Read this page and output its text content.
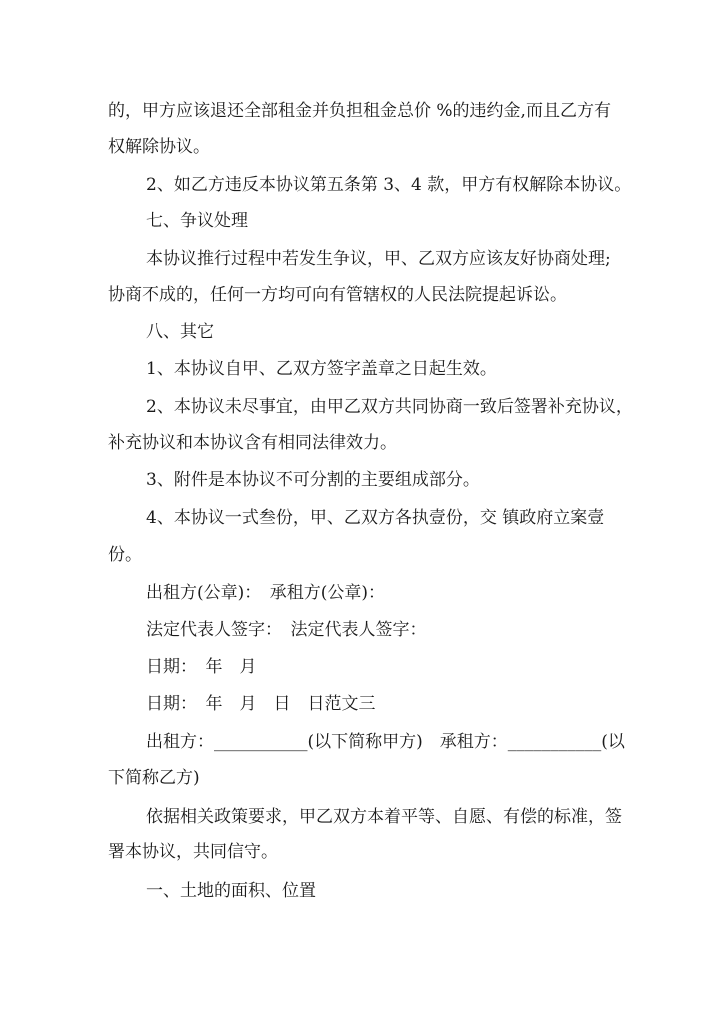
的，甲方应该退还全部租金并负担租金总价 %的违约金,而且乙方有
权解除协议。
2、如乙方违反本协议第五条第 3、4 款，甲方有权解除本协议。
七、争议处理
本协议推行过程中若发生争议，甲、乙双方应该友好协商处理;
协商不成的，任何一方均可向有管辖权的人民法院提起诉讼。
八、其它
1、本协议自甲、乙双方签字盖章之日起生效。
2、本协议未尽事宜，由甲乙双方共同协商一致后签署补充协议，
补充协议和本协议含有相同法律效力。
3、附件是本协议不可分割的主要组成部分。
4、本协议一式叁份，甲、乙双方各执壹份，交 镇政府立案壹
份。
出租方(公章)：　承租方(公章)：
法定代表人签字：　法定代表人签字：
日期：　年　月
日期：　年　月　日　日范文三
出租方：___________(以下简称甲方)　承租方：___________(以
下简称乙方)
依据相关政策要求，甲乙双方本着平等、自愿、有偿的标准，签
署本协议，共同信守。
一、土地的面积、位置
